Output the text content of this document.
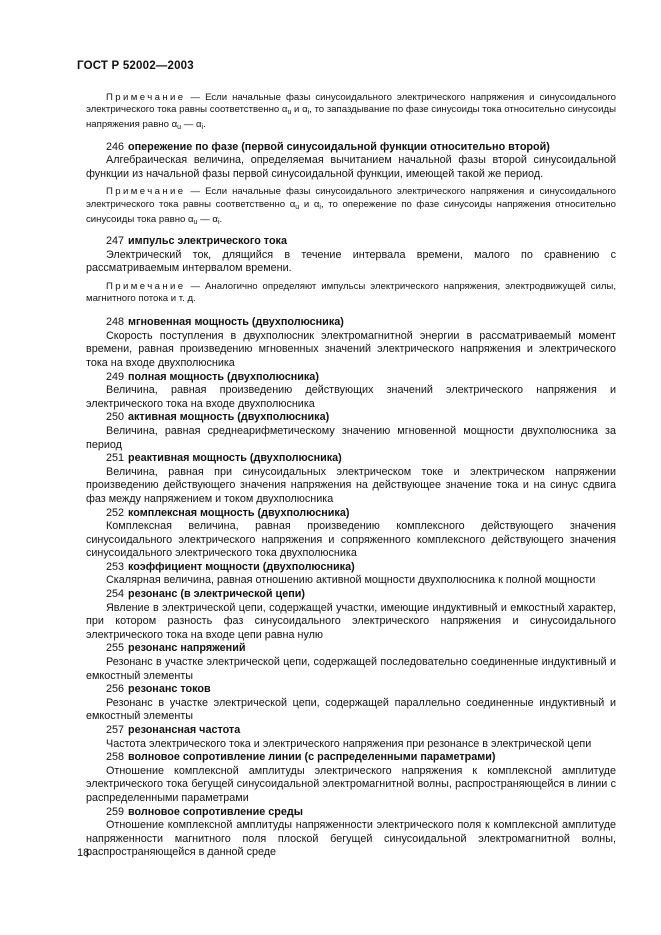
ГОСТ Р 52002—2003

Примечание — Если начальные фазы синусоидального электрического напряжения и синусоидального электрического тока равны соответственно $\alpha_u$ и $\alpha_i$, то запаздывание по фазе синусоиды тока относительно синусоиды напряжения равно $\alpha_u$ — $\alpha_i$.

246 опережение по фазе (первой синусоидальной функции относительно второй)

Алгебраическая величина, определяемая вычитанием начальной фазы второй синусоидальной функции из начальной фазы первой синусоидальной функции, имеющей такой же период.

Примечание — Если начальные фазы синусоидального электрического напряжения и синусоидального электрического тока равны соответственно $\alpha_u$ и $\alpha_i$, то опережение по фазе синусоиды напряжения относительно синусоиды тока равно $\alpha_u$ — $\alpha_i$.

247 импульс электрического тока

Электрический ток, длящийся в течение интервала времени, малого по сравнению с рассматриваемым интервалом времени.

Примечание — Аналогично определяют импульсы электрического напряжения, электродвижущей силы, магнитного потока и т. д.

248 мгновенная мощность (двухполюсника)

Скорость поступления в двухполюсник электромагнитной энергии в рассматриваемый момент времени, равная произведению мгновенных значений электрического напряжения и электрического тока на входе двухполюсника

249 полная мощность (двухполюсника)

Величина, равная произведению действующих значений электрического напряжения и электрического тока на входе двухполюсника

250 активная мощность (двухполюсника)

Величина, равная среднеарифметическому значению мгновенной мощности двухполюсника за период

251 реактивная мощность (двухполюсника)

Величина, равная при синусоидальных электрическом токе и электрическом напряжении произведению действующего значения напряжения на действующее значение тока и на синус сдвига фаз между напряжением и током двухполюсника

252 комплексная мощность (двухполюсника)

Комплексная величина, равная произведению комплексного действующего значения синусоидального электрического напряжения и сопряженного комплексного действующего значения синусоидального электрического тока двухполюсника

253 коэффициент мощности (двухполюсника)

Скалярная величина, равная отношению активной мощности двухполюсника к полной мощности

254 резонанс (в электрической цепи)

Явление в электрической цепи, содержащей участки, имеющие индуктивный и емкостный характер, при котором разность фаз синусоидального электрического напряжения и синусоидального электрического тока на входе цепи равна нулю

255 резонанс напряжений

Резонанс в участке электрической цепи, содержащей последовательно соединенные индуктивный и емкостный элементы

256 резонанс токов

Резонанс в участке электрической цепи, содержащей параллельно соединенные индуктивный и емкостный элементы

257 резонансная частота

Частота электрического тока и электрического напряжения при резонансе в электрической цепи

258 волновое сопротивление линии (с распределенными параметрами)

Отношение комплексной амплитуды электрического напряжения к комплексной амплитуде электрического тока бегущей синусоидальной электромагнитной волны, распространяющейся в линии с распределенными параметрами

259 волновое сопротивление среды

Отношение комплексной амплитуды напряженности электрического поля к комплексной амплитуде напряженности магнитного поля плоской бегущей синусоидальной электромагнитной волны, распространяющейся в данной среде

18
